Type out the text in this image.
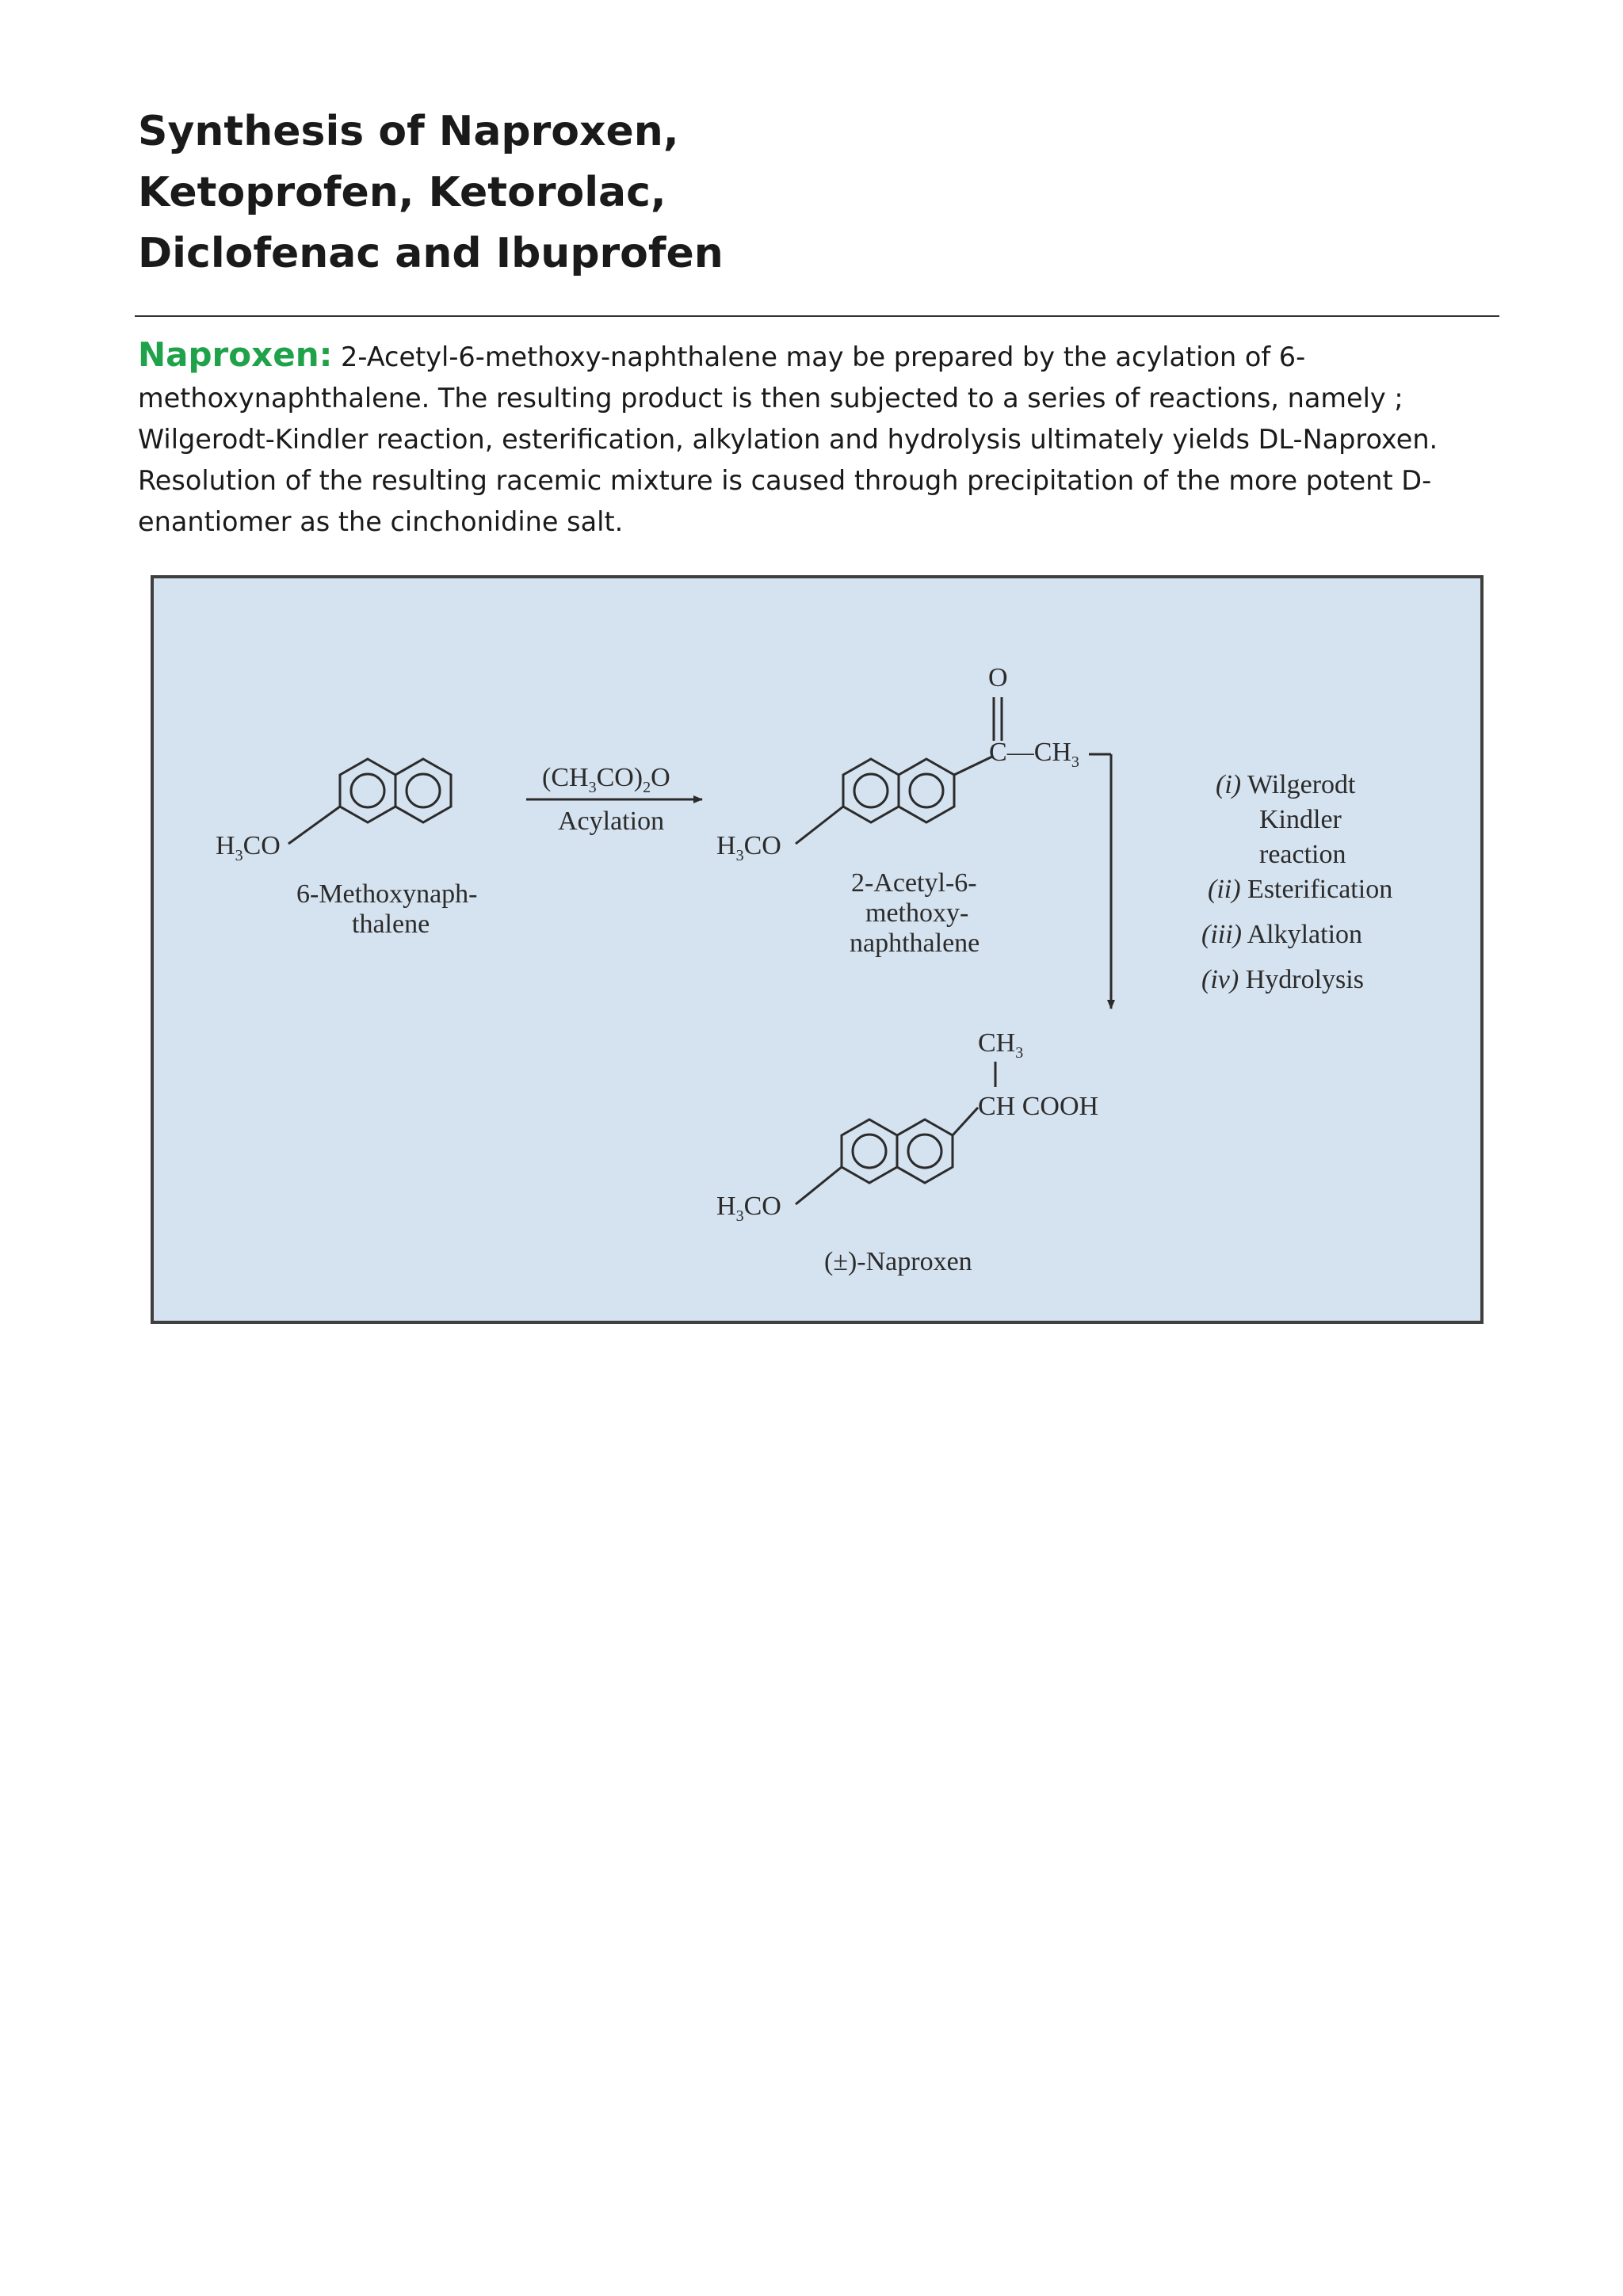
Synthesis of Naproxen,
Ketoprofen, Ketorolac,
Diclofenac and Ibuprofen

Naproxen: 2-Acetyl-6-methoxy-naphthalene may be prepared by the acylation of 6-methoxynaphthalene. The resulting product is then subjected to a series of reactions, namely ; Wilgerodt-Kindler reaction, esterification, alkylation and hydrolysis ultimately yields DL-Naproxen. Resolution of the resulting racemic mixture is caused through precipitation of the more potent D-enantiomer as the cinchonidine salt.

$H_3CO$
6-Methoxynaph-
thalene
$(CH_3CO)_2O$
Acylation
O
$C—CH_3$
$H_3CO$
2-Acetyl-6-
methoxy-
naphthalene
(i) Wilgerodt
Kindler
reaction
(ii) Esterification
(iii) Alkylation
(iv) Hydrolysis
$CH_3$
CH COOH
$H_3CO$
(±)-Naproxen
